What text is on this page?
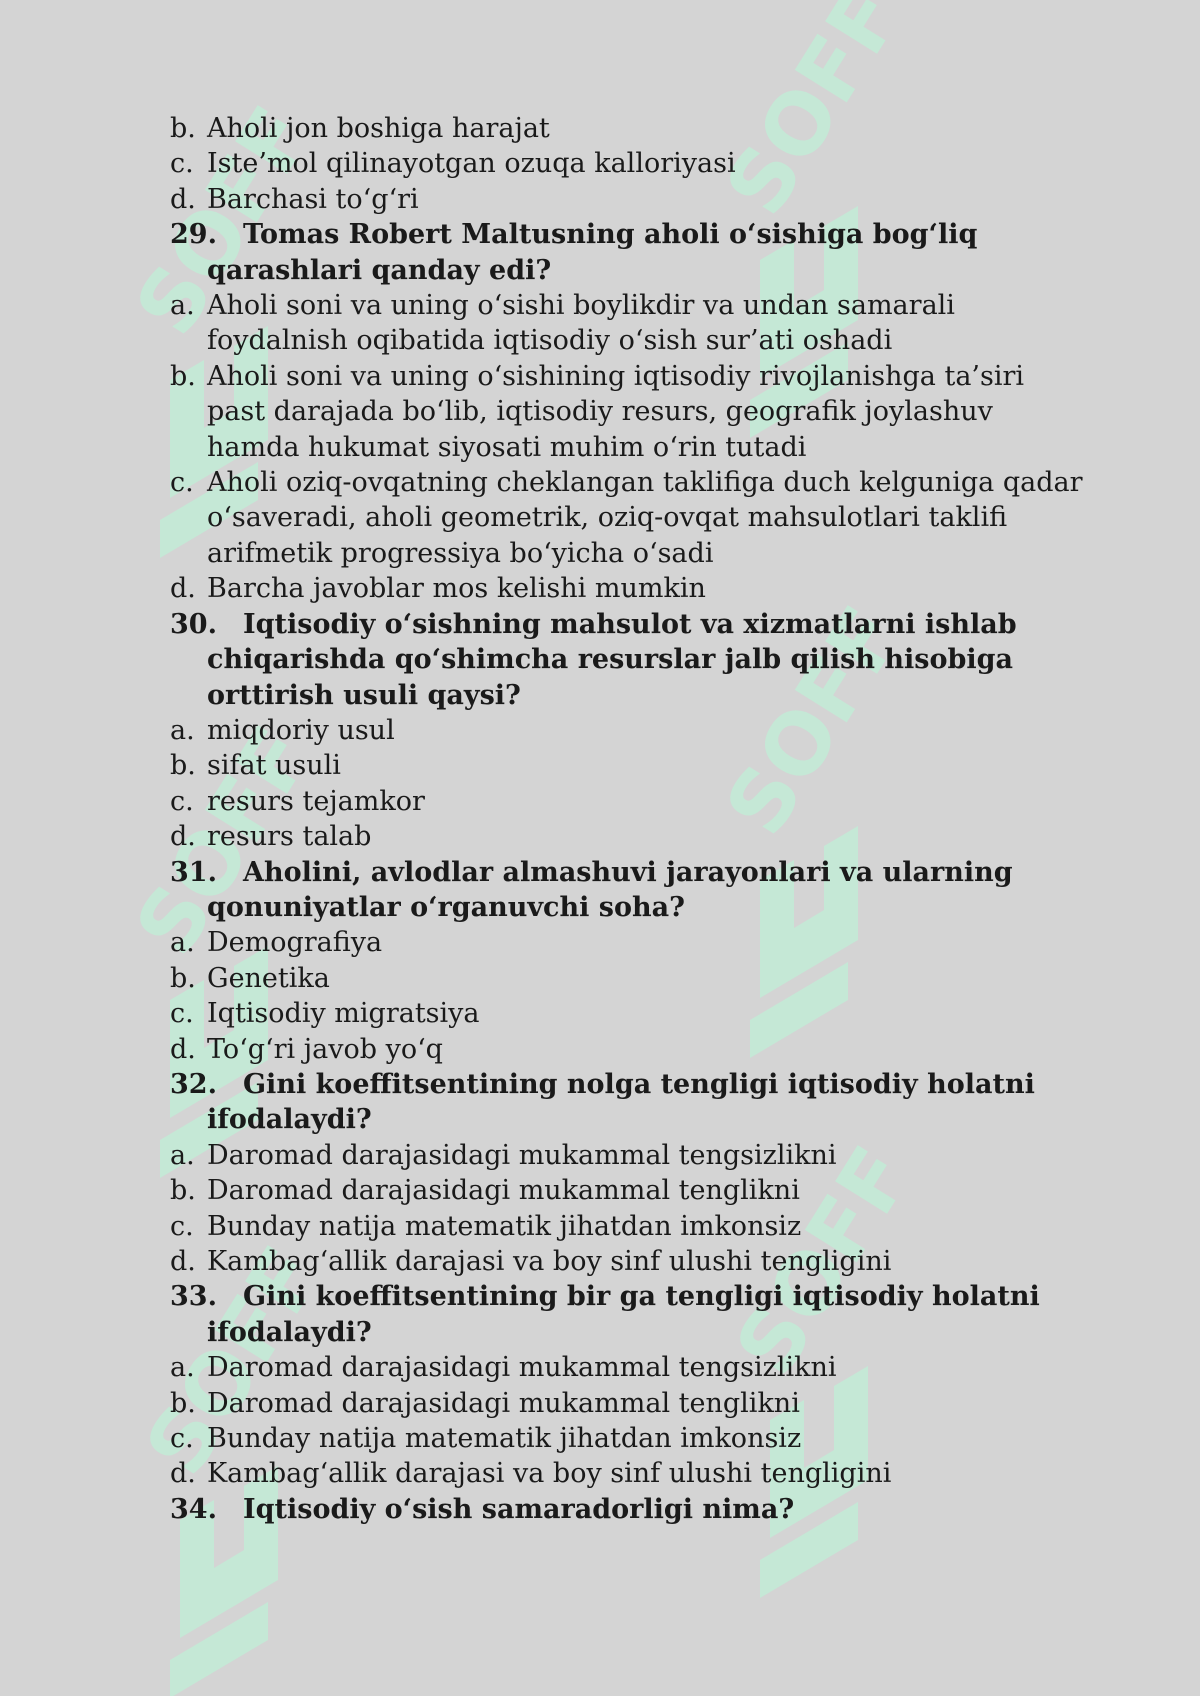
b. Aholi jon boshiga harajat
c. Iste’mol qilinayotgan ozuqa kalloriyasi
d. Barchasi to‘g‘ri
29. Tomas Robert Maltusning aholi o‘sishiga bog‘liq qarashlari qanday edi?
a. Aholi soni va uning o‘sishi boylikdir va undan samarali foydalnish oqibatida iqtisodiy o‘sish sur’ati oshadi
b. Aholi soni va uning o‘sishining iqtisodiy rivojlanishga ta’siri past darajada bo‘lib, iqtisodiy resurs, geografik joylashuv hamda hukumat siyosati muhim o‘rin tutadi
c. Aholi oziq-ovqatning cheklangan taklifiga duch kelguniga qadar o‘saveradi, aholi geometrik, oziq-ovqat mahsulotlari taklifi arifmetik progressiya bo‘yicha o‘sadi
d. Barcha javoblar mos kelishi mumkin
30. Iqtisodiy o‘sishning mahsulot va xizmatlarni ishlab chiqarishda qo‘shimcha resurslar jalb qilish hisobiga orttirish usuli qaysi?
a. miqdoriy usul
b. sifat usuli
c. resurs tejamkor
d. resurs talab
31. Aholini, avlodlar almashuvi jarayonlari va ularning qonuniyatlar o‘rganuvchi soha?
a. Demografiya
b. Genetika
c. Iqtisodiy migratsiya
d. To‘g‘ri javob yo‘q
32. Gini koeffitsentining nolga tengligi iqtisodiy holatni ifodalaydi?
a. Daromad darajasidagi mukammal tengsizlikni
b. Daromad darajasidagi mukammal tenglikni
c. Bunday natija matematik jihatdan imkonsiz
d. Kambag‘allik darajasi va boy sinf ulushi tengligini
33. Gini koeffitsentining bir ga tengligi iqtisodiy holatni ifodalaydi?
a. Daromad darajasidagi mukammal tengsizlikni
b. Daromad darajasidagi mukammal tenglikni
c. Bunday natija matematik jihatdan imkonsiz
d. Kambag‘allik darajasi va boy sinf ulushi tengligini
34. Iqtisodiy o‘sish samaradorligi nima?
